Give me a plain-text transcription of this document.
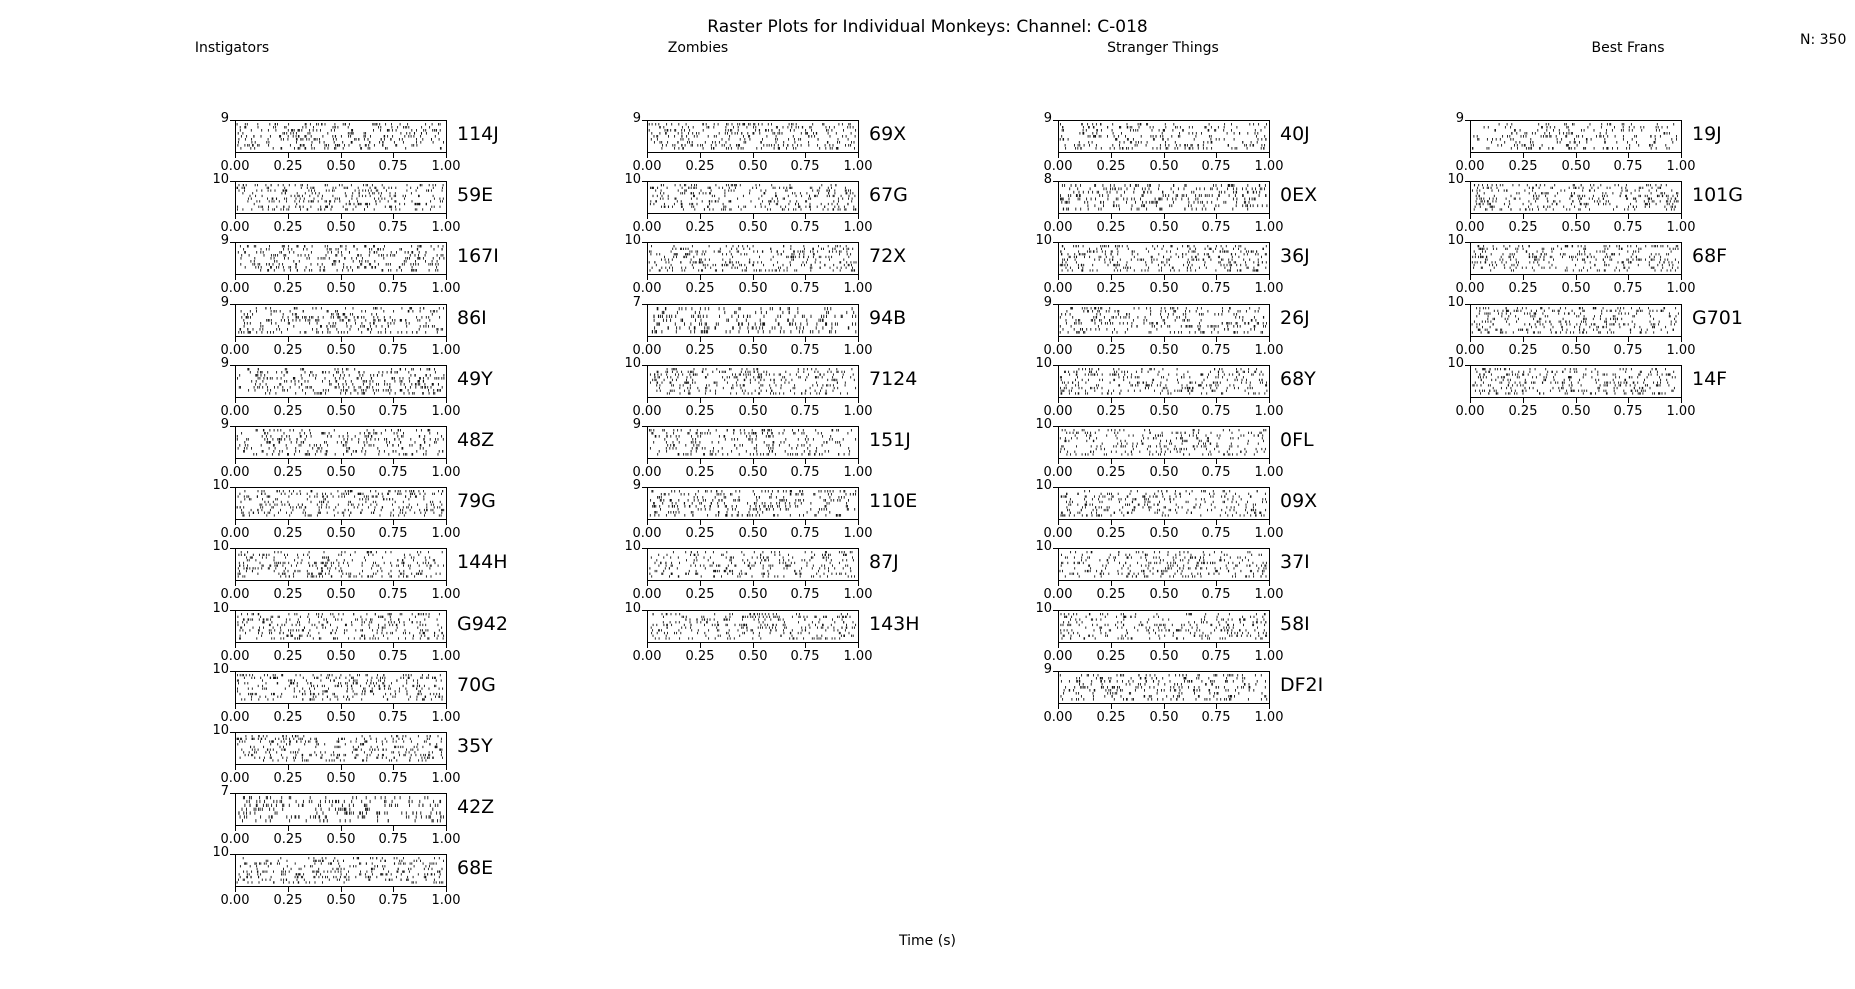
Raster Plots for Individual Monkeys: Channel: C-018
N: 350
Instigators
9
0.00	0.25	0.50	0.75	1.00
114J
10
0.00	0.25	0.50	0.75	1.00
59E
9
0.00	0.25	0.50	0.75	1.00
167I
9
0.00	0.25	0.50	0.75	1.00
86I
9
0.00	0.25	0.50	0.75	1.00
49Y
9
0.00	0.25	0.50	0.75	1.00
48Z
10
0.00	0.25	0.50	0.75	1.00
79G
10
0.00	0.25	0.50	0.75	1.00
144H
10
0.00	0.25	0.50	0.75	1.00
G942
10
0.00	0.25	0.50	0.75	1.00
70G
10
0.00	0.25	0.50	0.75	1.00
35Y
7
0.00	0.25	0.50	0.75	1.00
42Z
10
0.00	0.25	0.50	0.75	1.00
68E
Zombies
9
0.00	0.25	0.50	0.75	1.00
69X
10
0.00	0.25	0.50	0.75	1.00
67G
10
0.00	0.25	0.50	0.75	1.00
72X
7
0.00	0.25	0.50	0.75	1.00
94B
10
0.00	0.25	0.50	0.75	1.00
7124
9
0.00	0.25	0.50	0.75	1.00
151J
9
0.00	0.25	0.50	0.75	1.00
110E
10
0.00	0.25	0.50	0.75	1.00
87J
10
0.00	0.25	0.50	0.75	1.00
143H
Stranger Things
9
0.00	0.25	0.50	0.75	1.00
40J
8
0.00	0.25	0.50	0.75	1.00
0EX
10
0.00	0.25	0.50	0.75	1.00
36J
9
0.00	0.25	0.50	0.75	1.00
26J
10
0.00	0.25	0.50	0.75	1.00
68Y
10
0.00	0.25	0.50	0.75	1.00
0FL
10
0.00	0.25	0.50	0.75	1.00
09X
10
0.00	0.25	0.50	0.75	1.00
37I
10
0.00	0.25	0.50	0.75	1.00
58I
9
0.00	0.25	0.50	0.75	1.00
DF2I
Best Frans
9
0.00	0.25	0.50	0.75	1.00
19J
10
0.00	0.25	0.50	0.75	1.00
101G
10
0.00	0.25	0.50	0.75	1.00
68F
10
0.00	0.25	0.50	0.75	1.00
G701
10
0.00	0.25	0.50	0.75	1.00
14F
Time (s)
